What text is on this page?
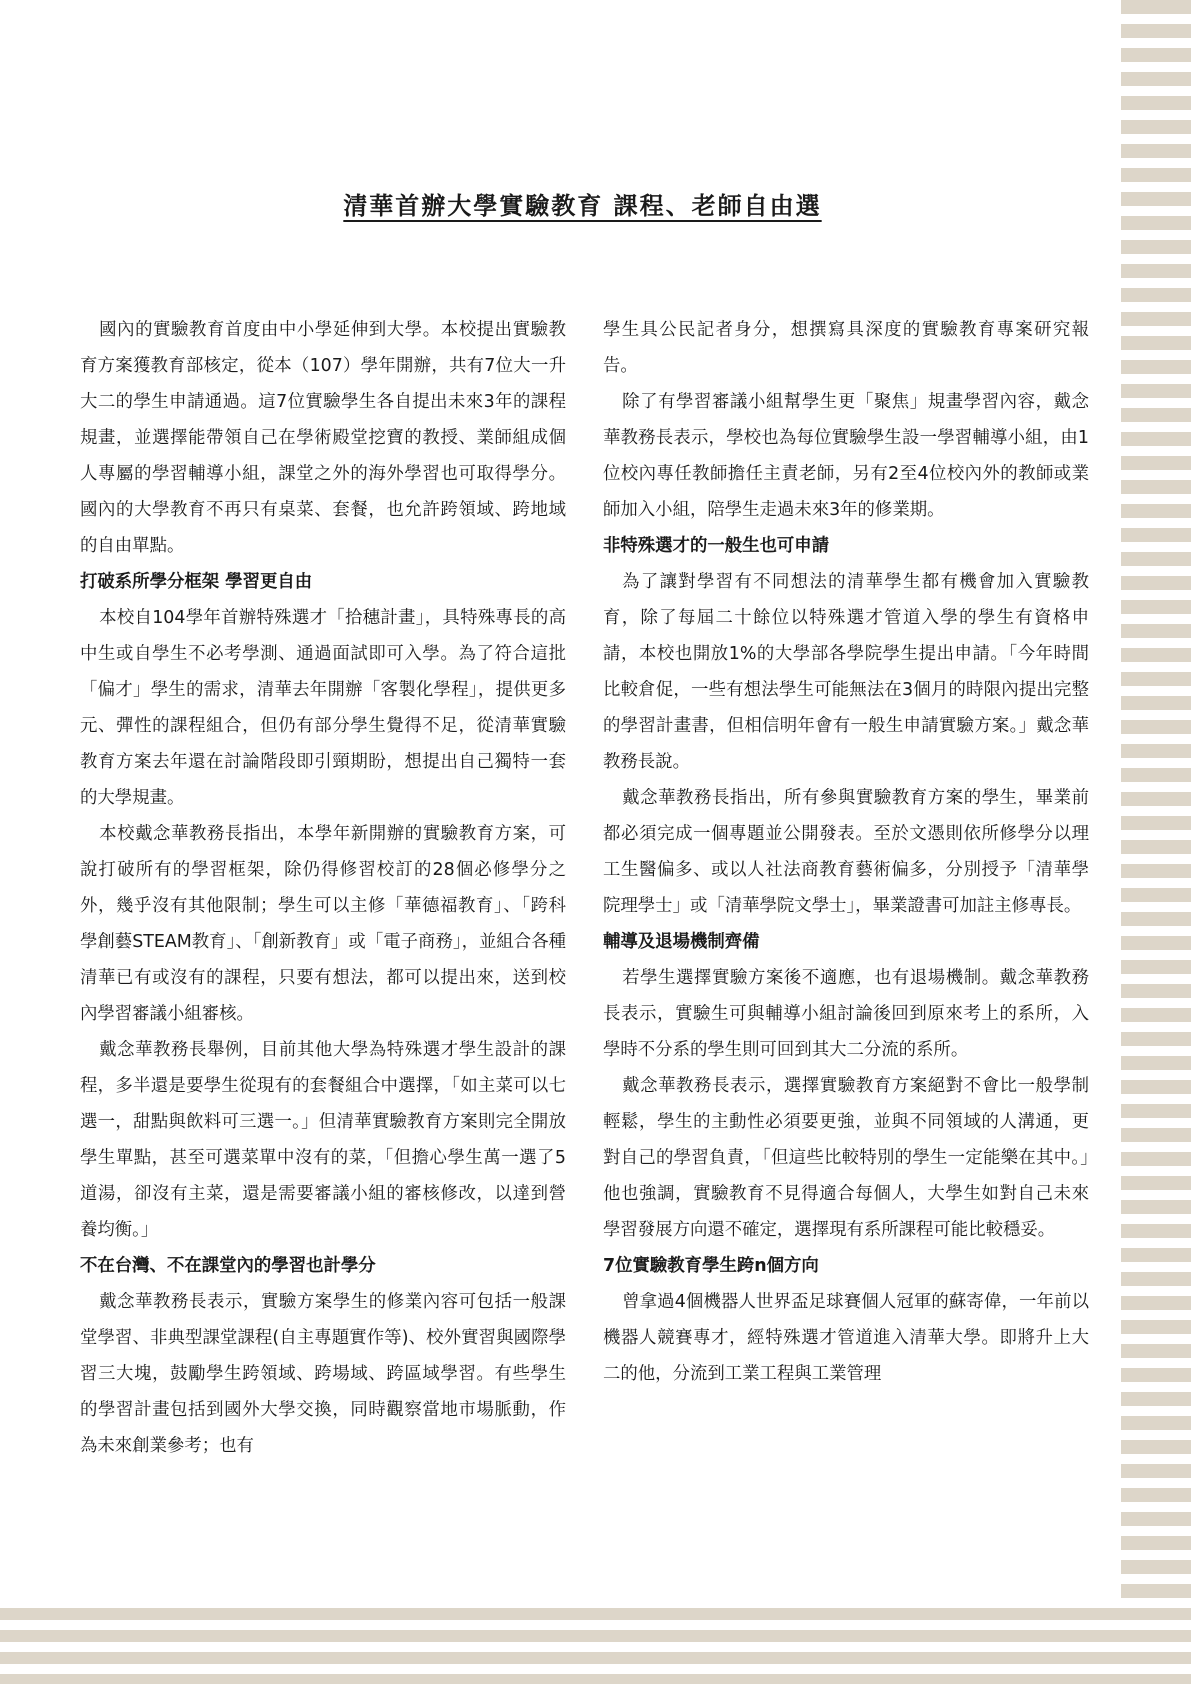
清華首辦大學實驗教育 課程、老師自由選

國內的實驗教育首度由中小學延伸到大學。本校提出實驗教育方案獲教育部核定，從本（107）學年開辦，共有7位大一升大二的學生申請通過。這7位實驗學生各自提出未來3年的課程規畫，並選擇能帶領自己在學術殿堂挖寶的教授、業師組成個人專屬的學習輔導小組，課堂之外的海外學習也可取得學分。國內的大學教育不再只有桌菜、套餐，也允許跨領域、跨地域的自由單點。

打破系所學分框架 學習更自由

本校自104學年首辦特殊選才「拾穗計畫」，具特殊專長的高中生或自學生不必考學測、通過面試即可入學。為了符合這批「偏才」學生的需求，清華去年開辦「客製化學程」，提供更多元、彈性的課程組合，但仍有部分學生覺得不足，從清華實驗教育方案去年還在討論階段即引頸期盼，想提出自己獨特一套的大學規畫。

本校戴念華教務長指出，本學年新開辦的實驗教育方案，可說打破所有的學習框架，除仍得修習校訂的28個必修學分之外，幾乎沒有其他限制；學生可以主修「華德福教育」、「跨科學創藝STEAM教育」、「創新教育」或「電子商務」，並組合各種清華已有或沒有的課程，只要有想法，都可以提出來，送到校內學習審議小組審核。

戴念華教務長舉例，目前其他大學為特殊選才學生設計的課程，多半還是要學生從現有的套餐組合中選擇，「如主菜可以七選一，甜點與飲料可三選一。」但清華實驗教育方案則完全開放學生單點，甚至可選菜單中沒有的菜，「但擔心學生萬一選了5道湯，卻沒有主菜，還是需要審議小組的審核修改，以達到營養均衡。」

不在台灣、不在課堂內的學習也計學分

戴念華教務長表示，實驗方案學生的修業內容可包括一般課堂學習、非典型課堂課程(自主專題實作等)、校外實習與國際學習三大塊，鼓勵學生跨領域、跨場域、跨區域學習。有些學生的學習計畫包括到國外大學交換，同時觀察當地市場脈動，作為未來創業參考；也有

學生具公民記者身分，想撰寫具深度的實驗教育專案研究報告。

除了有學習審議小組幫學生更「聚焦」規畫學習內容，戴念華教務長表示，學校也為每位實驗學生設一學習輔導小組，由1位校內專任教師擔任主責老師，另有2至4位校內外的教師或業師加入小組，陪學生走過未來3年的修業期。

非特殊選才的一般生也可申請

為了讓對學習有不同想法的清華學生都有機會加入實驗教育，除了每屆二十餘位以特殊選才管道入學的學生有資格申請，本校也開放1%的大學部各學院學生提出申請。「今年時間比較倉促，一些有想法學生可能無法在3個月的時限內提出完整的學習計畫書，但相信明年會有一般生申請實驗方案。」戴念華教務長說。

戴念華教務長指出，所有參與實驗教育方案的學生，畢業前都必須完成一個專題並公開發表。至於文憑則依所修學分以理工生醫偏多、或以人社法商教育藝術偏多，分別授予「清華學院理學士」或「清華學院文學士」，畢業證書可加註主修專長。

輔導及退場機制齊備

若學生選擇實驗方案後不適應，也有退場機制。戴念華教務長表示，實驗生可與輔導小組討論後回到原來考上的系所，入學時不分系的學生則可回到其大二分流的系所。

戴念華教務長表示，選擇實驗教育方案絕對不會比一般學制輕鬆，學生的主動性必須要更強，並與不同領域的人溝通，更對自己的學習負責，「但這些比較特別的學生一定能樂在其中。」他也強調，實驗教育不見得適合每個人，大學生如對自己未來學習發展方向還不確定，選擇現有系所課程可能比較穩妥。

7位實驗教育學生跨n個方向

曾拿過4個機器人世界盃足球賽個人冠軍的蘇寄偉，一年前以機器人競賽專才，經特殊選才管道進入清華大學。即將升上大二的他，分流到工業工程與工業管理
